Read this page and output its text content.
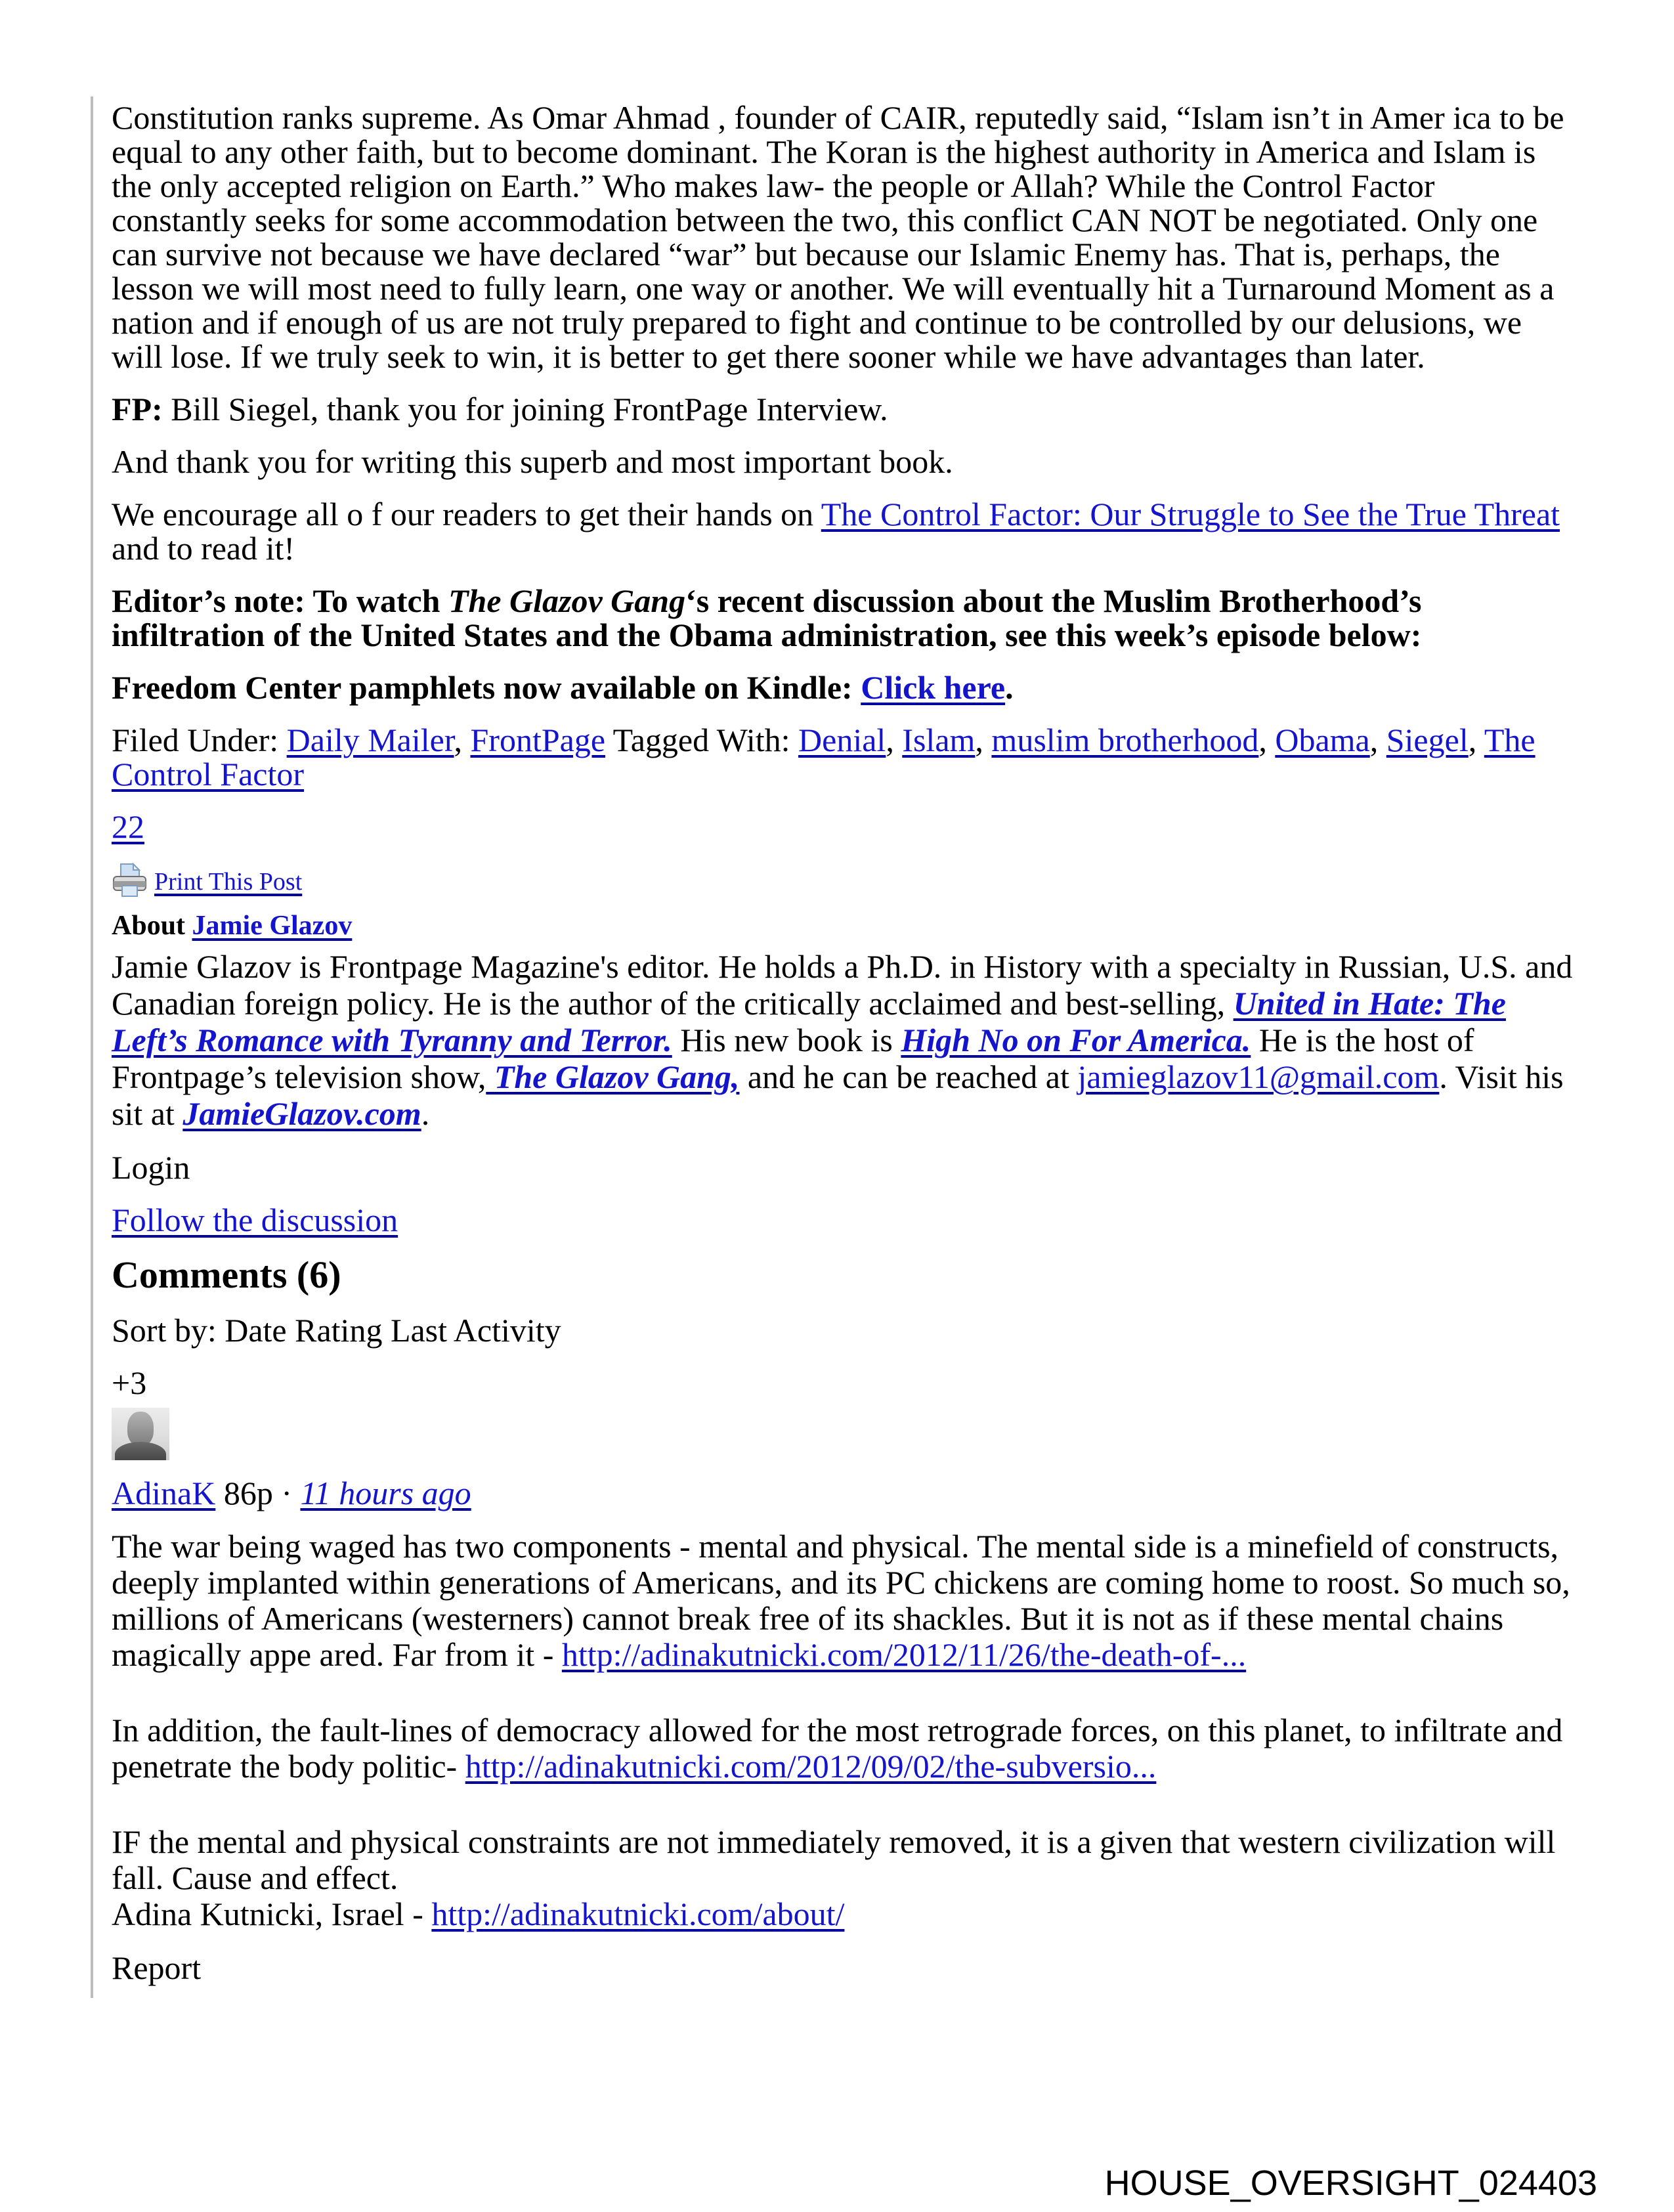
Constitution ranks supreme. As Omar Ahmad , founder of CAIR, reputedly said, “Islam isn’t in Amer ica to be equal to any other faith, but to become dominant. The Koran is the highest authority in America and Islam is the only accepted religion on Earth.” Who makes law- the people or Allah? While the Control Factor constantly seeks for some accommodation between the two, this conflict CAN NOT be negotiated. Only one can survive not because we have declared “war” but because our Islamic Enemy has. That is, perhaps, the lesson we will most need to fully learn, one way or another. We will eventually hit a Turnaround Moment as a nation and if enough of us are not truly prepared to fight and continue to be controlled by our delusions, we will lose. If we truly seek to win, it is better to get there sooner while we have advantages than later.

FP: Bill Siegel, thank you for joining FrontPage Interview.

And thank you for writing this superb and most important book.

We encourage all o f our readers to get their hands on The Control Factor: Our Struggle to See the True Threat and to read it!

Editor’s note: To watch The Glazov Gang‘s recent discussion about the Muslim Brotherhood’s infiltration of the United States and the Obama administration, see this week’s episode below:

Freedom Center pamphlets now available on Kindle: Click here.

Filed Under: Daily Mailer, FrontPage Tagged With: Denial, Islam, muslim brotherhood, Obama, Siegel, The Control Factor

22

Print This Post

About Jamie Glazov

Jamie Glazov is Frontpage Magazine's editor. He holds a Ph.D. in History with a specialty in Russian, U.S. and Canadian foreign policy. He is the author of the critically acclaimed and best-selling, United in Hate: The Left’s Romance with Tyranny and Terror. His new book is High No on For America. He is the host of Frontpage’s television show, The Glazov Gang, and he can be reached at jamieglazov11@gmail.com. Visit his sit at JamieGlazov.com.

Login

Follow the discussion

Comments (6)

Sort by: Date Rating Last Activity

+3

AdinaK 86p · 11 hours ago

The war being waged has two components - mental and physical. The mental side is a minefield of constructs, deeply implanted within generations of Americans, and its PC chickens are coming home to roost. So much so, millions of Americans (westerners) cannot break free of its shackles. But it is not as if these mental chains magically appe ared. Far from it - http://adinakutnicki.com/2012/11/26/the-death-of-...

In addition, the fault-lines of democracy allowed for the most retrograde forces, on this planet, to infiltrate and penetrate the body politic- http://adinakutnicki.com/2012/09/02/the-subversio...

IF the mental and physical constraints are not immediately removed, it is a given that western civilization will fall. Cause and effect.
Adina Kutnicki, Israel - http://adinakutnicki.com/about/

Report

HOUSE_OVERSIGHT_024403
